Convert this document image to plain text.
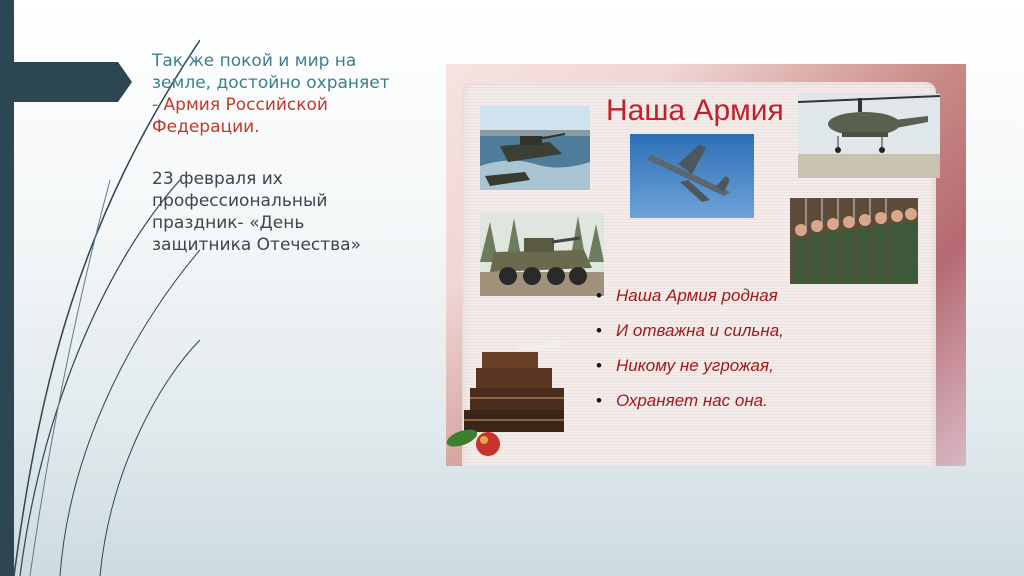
Так же покой и мир на
земле, достойно охраняет
- Армия Российской
Федерации.
23 февраля их
профессиональный
праздник- «День
защитника Отечества»
Наша Армия
• Наша Армия родная
• И отважна и сильна,
• Никому не угрожая,
• Охраняет нас она.
